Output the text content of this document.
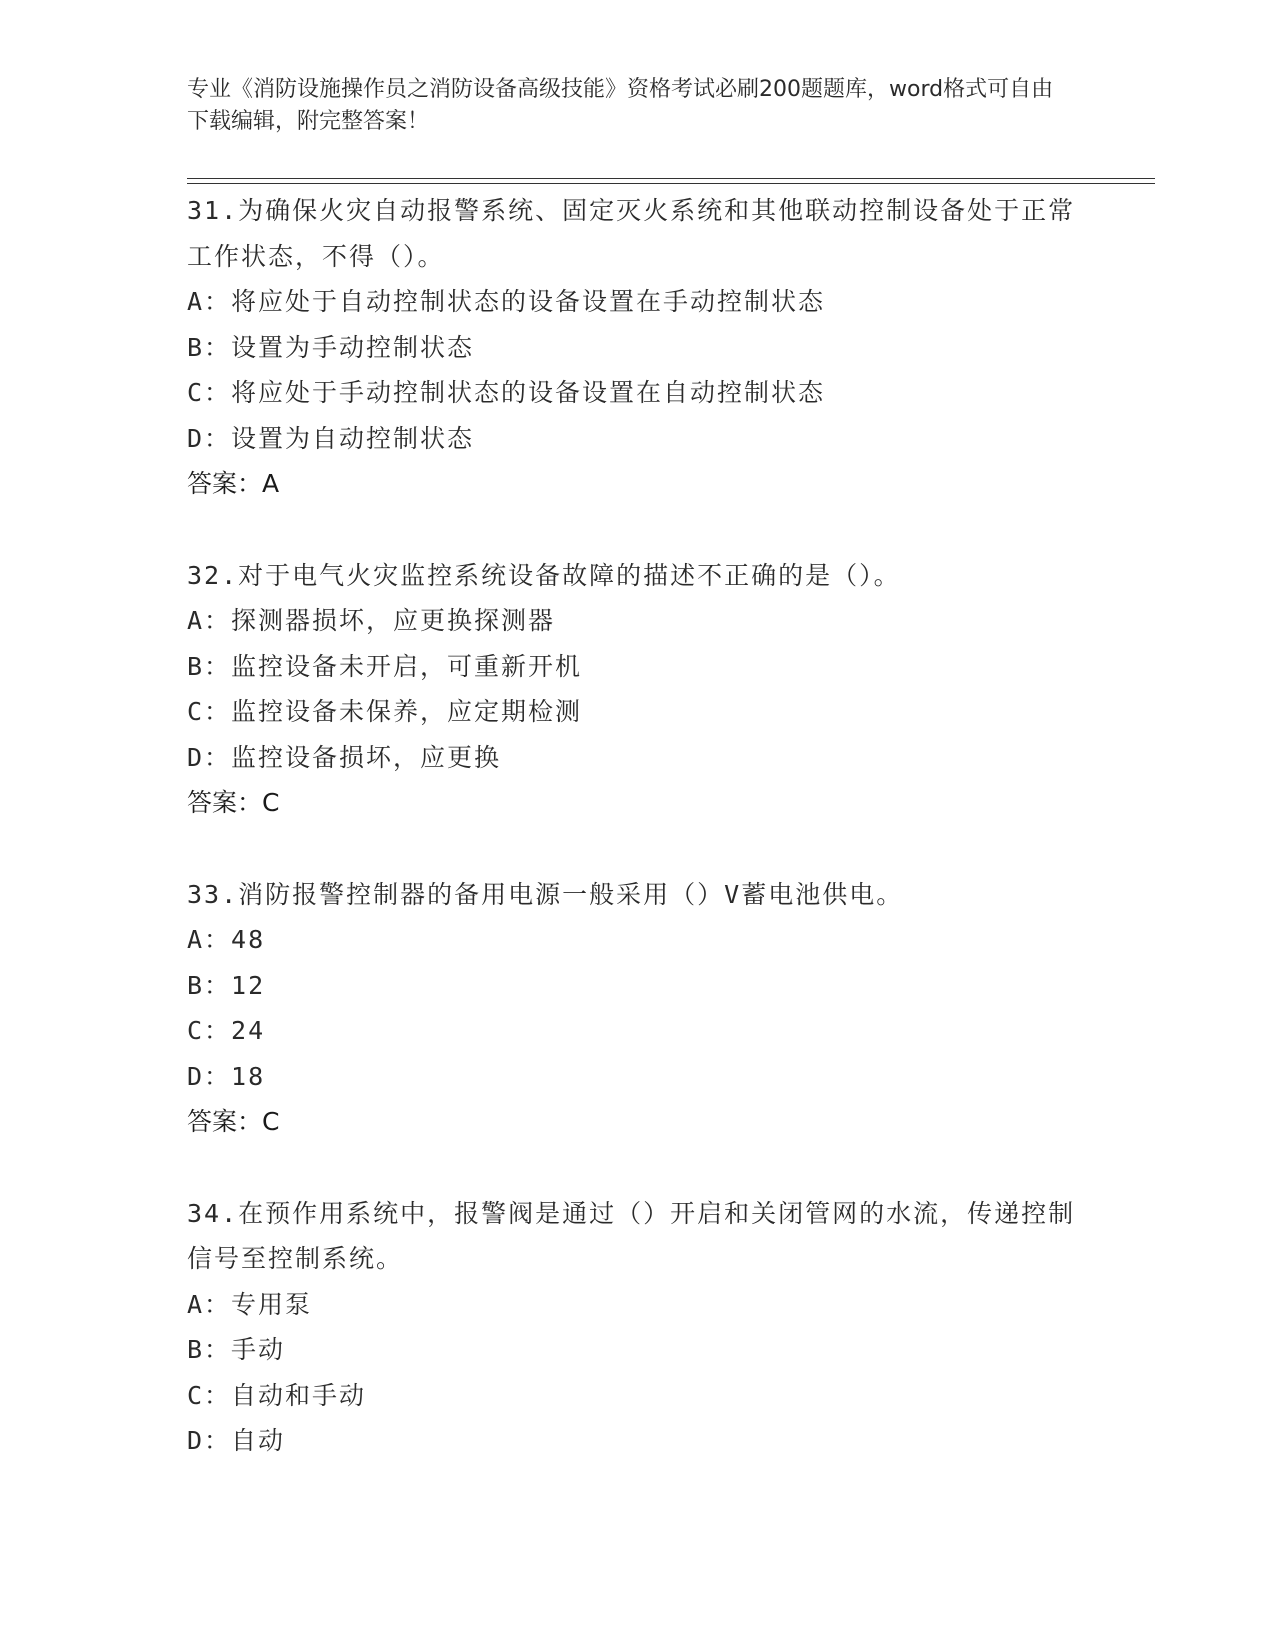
专业《消防设施操作员之消防设备高级技能》资格考试必刷200题题库，word格式可自由下载编辑，附完整答案！
31.为确保火灾自动报警系统、固定灭火系统和其他联动控制设备处于正常工作状态，不得（）。
A：将应处于自动控制状态的设备设置在手动控制状态
B：设置为手动控制状态
C：将应处于手动控制状态的设备设置在自动控制状态
D：设置为自动控制状态
答案：A
32.对于电气火灾监控系统设备故障的描述不正确的是（）。
A：探测器损坏，应更换探测器
B：监控设备未开启，可重新开机
C：监控设备未保养，应定期检测
D：监控设备损坏，应更换
答案：C
33.消防报警控制器的备用电源一般采用（）V蓄电池供电。
A：48
B：12
C：24
D：18
答案：C
34.在预作用系统中，报警阀是通过（）开启和关闭管网的水流，传递控制信号至控制系统。
A：专用泵
B：手动
C：自动和手动
D：自动
